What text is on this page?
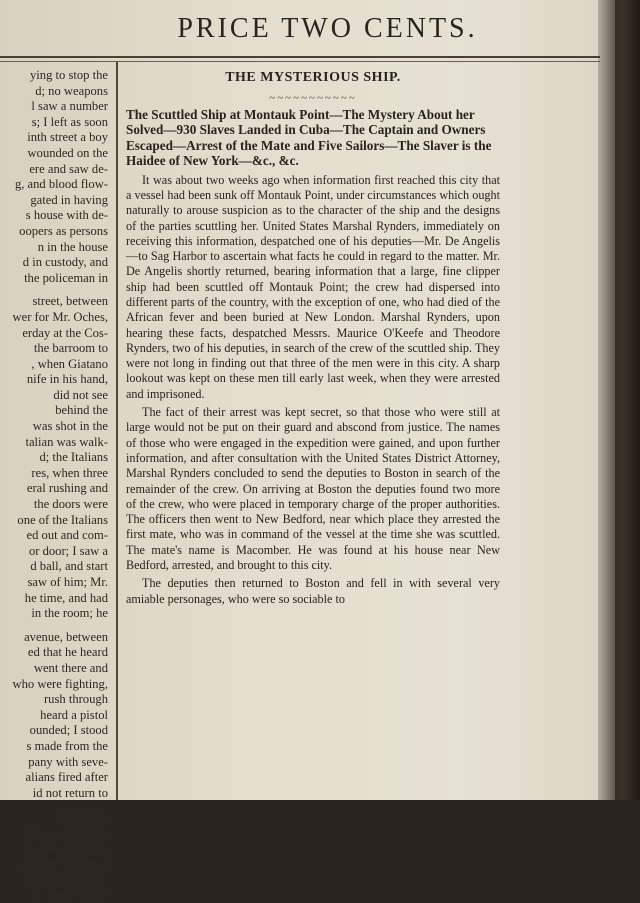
PRICE TWO CENTS.
ying to stop the
d; no weapons
l saw a number
s; I left as soon
inth street a boy
wounded on the
ere and saw de-
g, and blood flow-
gated in having
s house with de-
oopers as persons
n in the house
d in custody, and
the policeman in
street, between
wer for Mr. Oches,
erday at the Cos-
the barroom to
, when Giatano
nife in his hand,
did not see
behind the
was shot in the
talian was walk-
d; the Italians
res, when three
eral rushing and
the doors were
one of the Italians
ed out and com-
or door; I saw a
d ball, and start
saw of him; Mr.
he time, and had
in the room; he
avenue, between
ed that he heard
went there and
who were fighting,
rush through
heard a pistol
ounded; I stood
s made from the
pany with seve-
alians fired after
id not return to
; I reside in
e; I was going to
d some shots fir-
politan Garden; I
lled overRourke,
s, some assist-
THE MYSTERIOUS SHIP.
~~~~~~~~~~~
The Scuttled Ship at Montauk Point—The Mystery About her Solved—930 Slaves Landed in Cuba—The Captain and Owners Escaped—Arrest of the Mate and Five Sailors—The Slaver is the Haidee of New York—&c., &c.

It was about two weeks ago when information first reached this city that a vessel had been sunk off Montauk Point, under circumstances which ought naturally to arouse suspicion as to the character of the ship and the designs of the parties scuttling her. United States Marshal Rynders, immediately on receiving this information, despatched one of his deputies—Mr. De Angelis—to Sag Harbor to ascertain what facts he could in regard to the matter. Mr. De Angelis shortly returned, bearing information that a large, fine clipper ship had been scuttled off Montauk Point; the crew had dispersed into different parts of the country, with the exception of one, who had died of the African fever and been buried at New London. Marshal Rynders, upon hearing these facts, despatched Messrs. Maurice O'Keefe and Theodore Rynders, two of his deputies, in search of the crew of the scuttled ship. They were not long in finding out that three of the men were in this city. A sharp lookout was kept on these men till early last week, when they were arrested and imprisoned.

The fact of their arrest was kept secret, so that those who were still at large would not be put on their guard and abscond from justice. The names of those who were engaged in the expedition were gained, and upon further information, and after consultation with the United States District Attorney, Marshal Rynders concluded to send the deputies to Boston in search of the remainder of the crew. On arriving at Boston the deputies found two more of the crew, who were placed in temporary charge of the proper authorities. The officers then went to New Bedford, near which place they arrested the first mate, who was in command of the vessel at the time she was scuttled. The mate's name is Macomber. He was found at his house near New Bedford, arrested, and brought to this city.

The deputies then returned to Boston and fell in with several very amiable personages, who were so sociable to
